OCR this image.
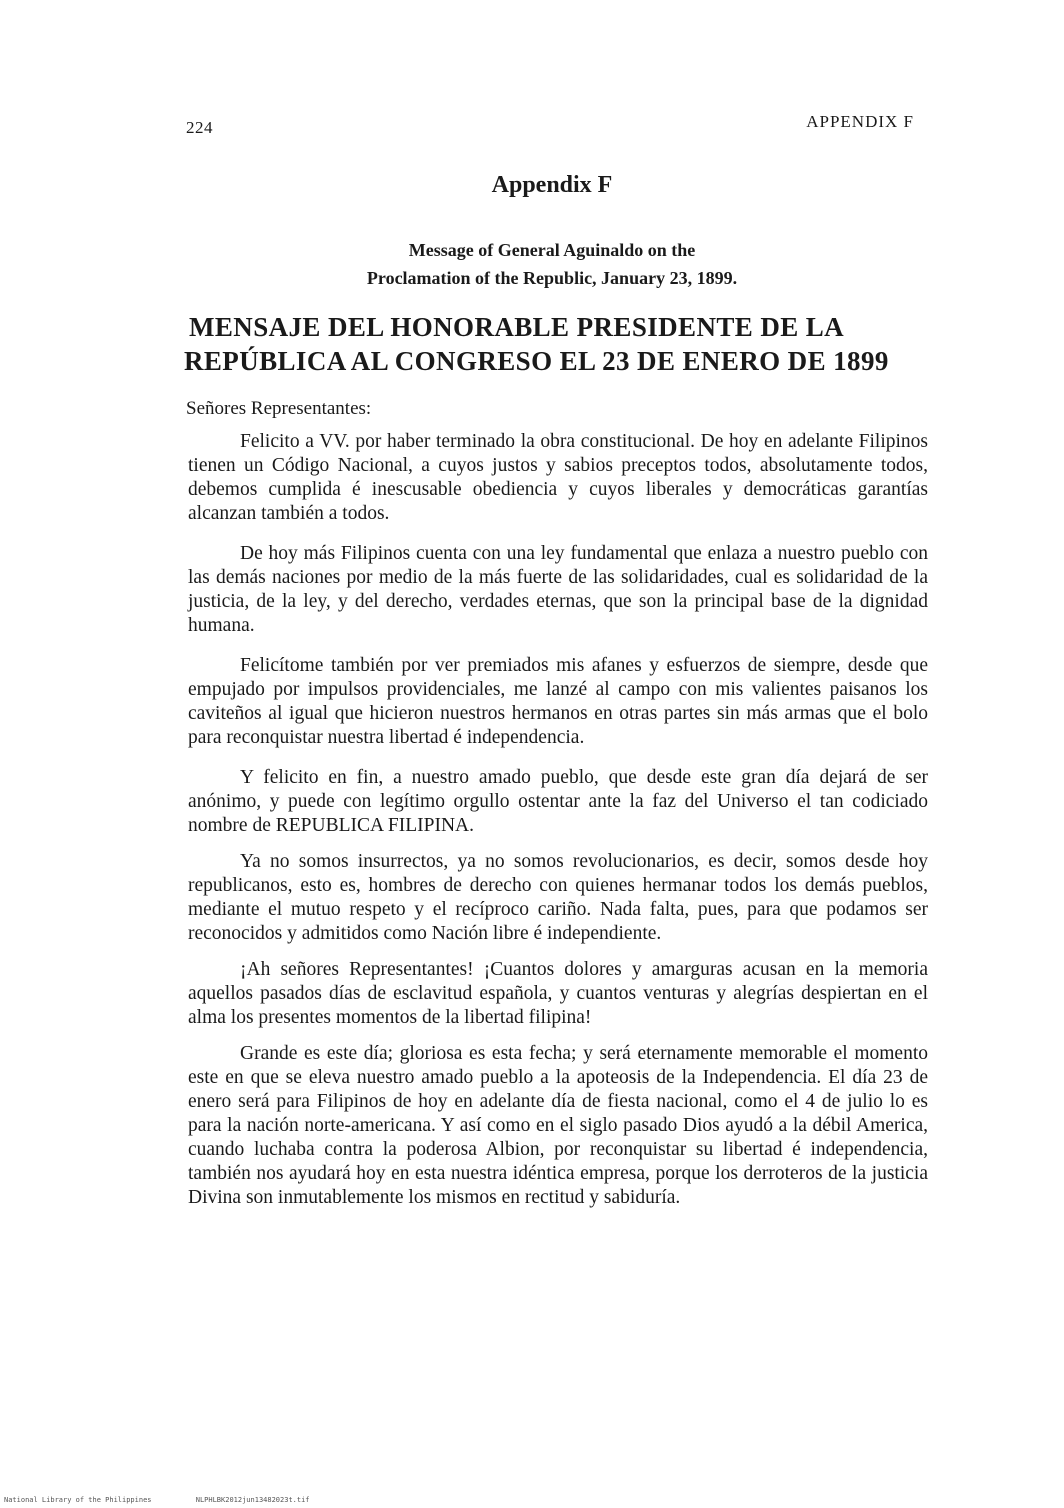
224	APPENDIX F
Appendix F
Message of General Aguinaldo on the
Proclamation of the Republic, January 23, 1899.
MENSAJE DEL HONORABLE PRESIDENTE DE LA
REPÚBLICA AL CONGRESO EL 23 DE ENERO DE 1899
Señores Representantes:

Felicito a VV. por haber terminado la obra constitucional. De hoy en adelante Filipinos tienen un Código Nacional, a cuyos justos y sabios preceptos todos, absolutamente todos, debemos cumplida é inescusable obediencia y cuyos liberales y democráticas garantías alcanzan también a todos.

De hoy más Filipinos cuenta con una ley fundamental que enlaza a nuestro pueblo con las demás naciones por medio de la más fuerte de las solidaridades, cual es solidaridad de la justicia, de la ley, y del derecho, verdades eternas, que son la principal base de la dignidad humana.

Felicítome también por ver premiados mis afanes y esfuerzos de siempre, desde que empujado por impulsos providenciales, me lanzé al campo con mis valientes paisanos los caviteños al igual que hicieron nuestros hermanos en otras partes sin más armas que el bolo para reconquistar nuestra libertad é independencia.

Y felicito en fin, a nuestro amado pueblo, que desde este gran día dejará de ser anónimo, y puede con legítimo orgullo ostentar ante la faz del Universo el tan codiciado nombre de REPUBLICA FILIPINA.

Ya no somos insurrectos, ya no somos revolucionarios, es decir, somos desde hoy republicanos, esto es, hombres de derecho con quienes hermanar todos los demás pueblos, mediante el mutuo respeto y el recíproco cariño. Nada falta, pues, para que podamos ser reconocidos y admitidos como Nación libre é independiente.

¡Ah señores Representantes! ¡Cuantos dolores y amarguras acusan en la memoria aquellos pasados días de esclavitud española, y cuantos venturas y alegrías despiertan en el alma los presentes momentos de la libertad filipina!

Grande es este día; gloriosa es esta fecha; y será eternamente memorable el momento este en que se eleva nuestro amado pueblo a la apoteosis de la Independencia. El día 23 de enero será para Filipinos de hoy en adelante día de fiesta nacional, como el 4 de julio lo es para la nación norte-americana. Y así como en el siglo pasado Dios ayudó a la débil America, cuando luchaba contra la poderosa Albion, por reconquistar su libertad é independencia, también nos ayudará hoy en esta nuestra idéntica empresa, porque los derroteros de la justicia Divina son inmutablemente los mismos en rectitud y sabiduría.

National Library of the Philippines	NLPHLBK2012jun13482023t.tif
